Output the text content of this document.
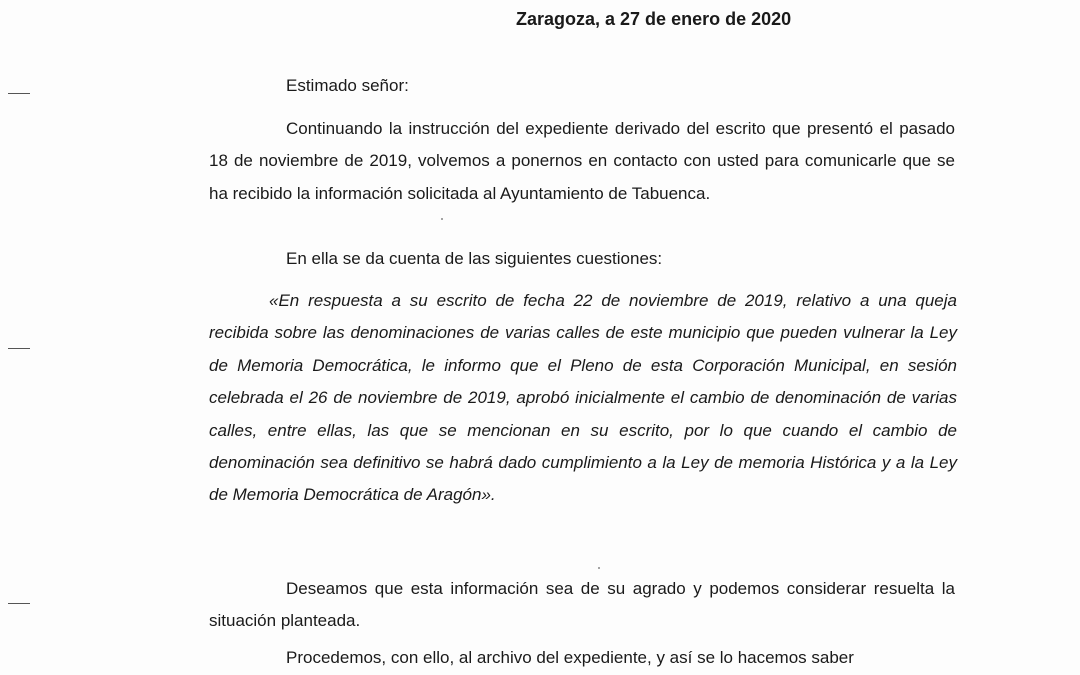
Zaragoza, a 27 de enero de 2020
Estimado señor:

Continuando la instrucción del expediente derivado del escrito que presentó el pasado 18 de noviembre de 2019, volvemos a ponernos en contacto con usted para comunicarle que se ha recibido la información solicitada al Ayuntamiento de Tabuenca.

En ella se da cuenta de las siguientes cuestiones:

«En respuesta a su escrito de fecha 22 de noviembre de 2019, relativo a una queja recibida sobre las denominaciones de varias calles de este municipio que pueden vulnerar la Ley de Memoria Democrática, le informo que el Pleno de esta Corporación Municipal, en sesión celebrada el 26 de noviembre de 2019, aprobó inicialmente el cambio de denominación de varias calles, entre ellas, las que se mencionan en su escrito, por lo que cuando el cambio de denominación sea definitivo se habrá dado cumplimiento a la Ley de memoria Histórica y a la Ley de Memoria Democrática de Aragón».

Deseamos que esta información sea de su agrado y podemos considerar resuelta la situación planteada.

Procedemos, con ello, al archivo del expediente, y así se lo hacemos saber
